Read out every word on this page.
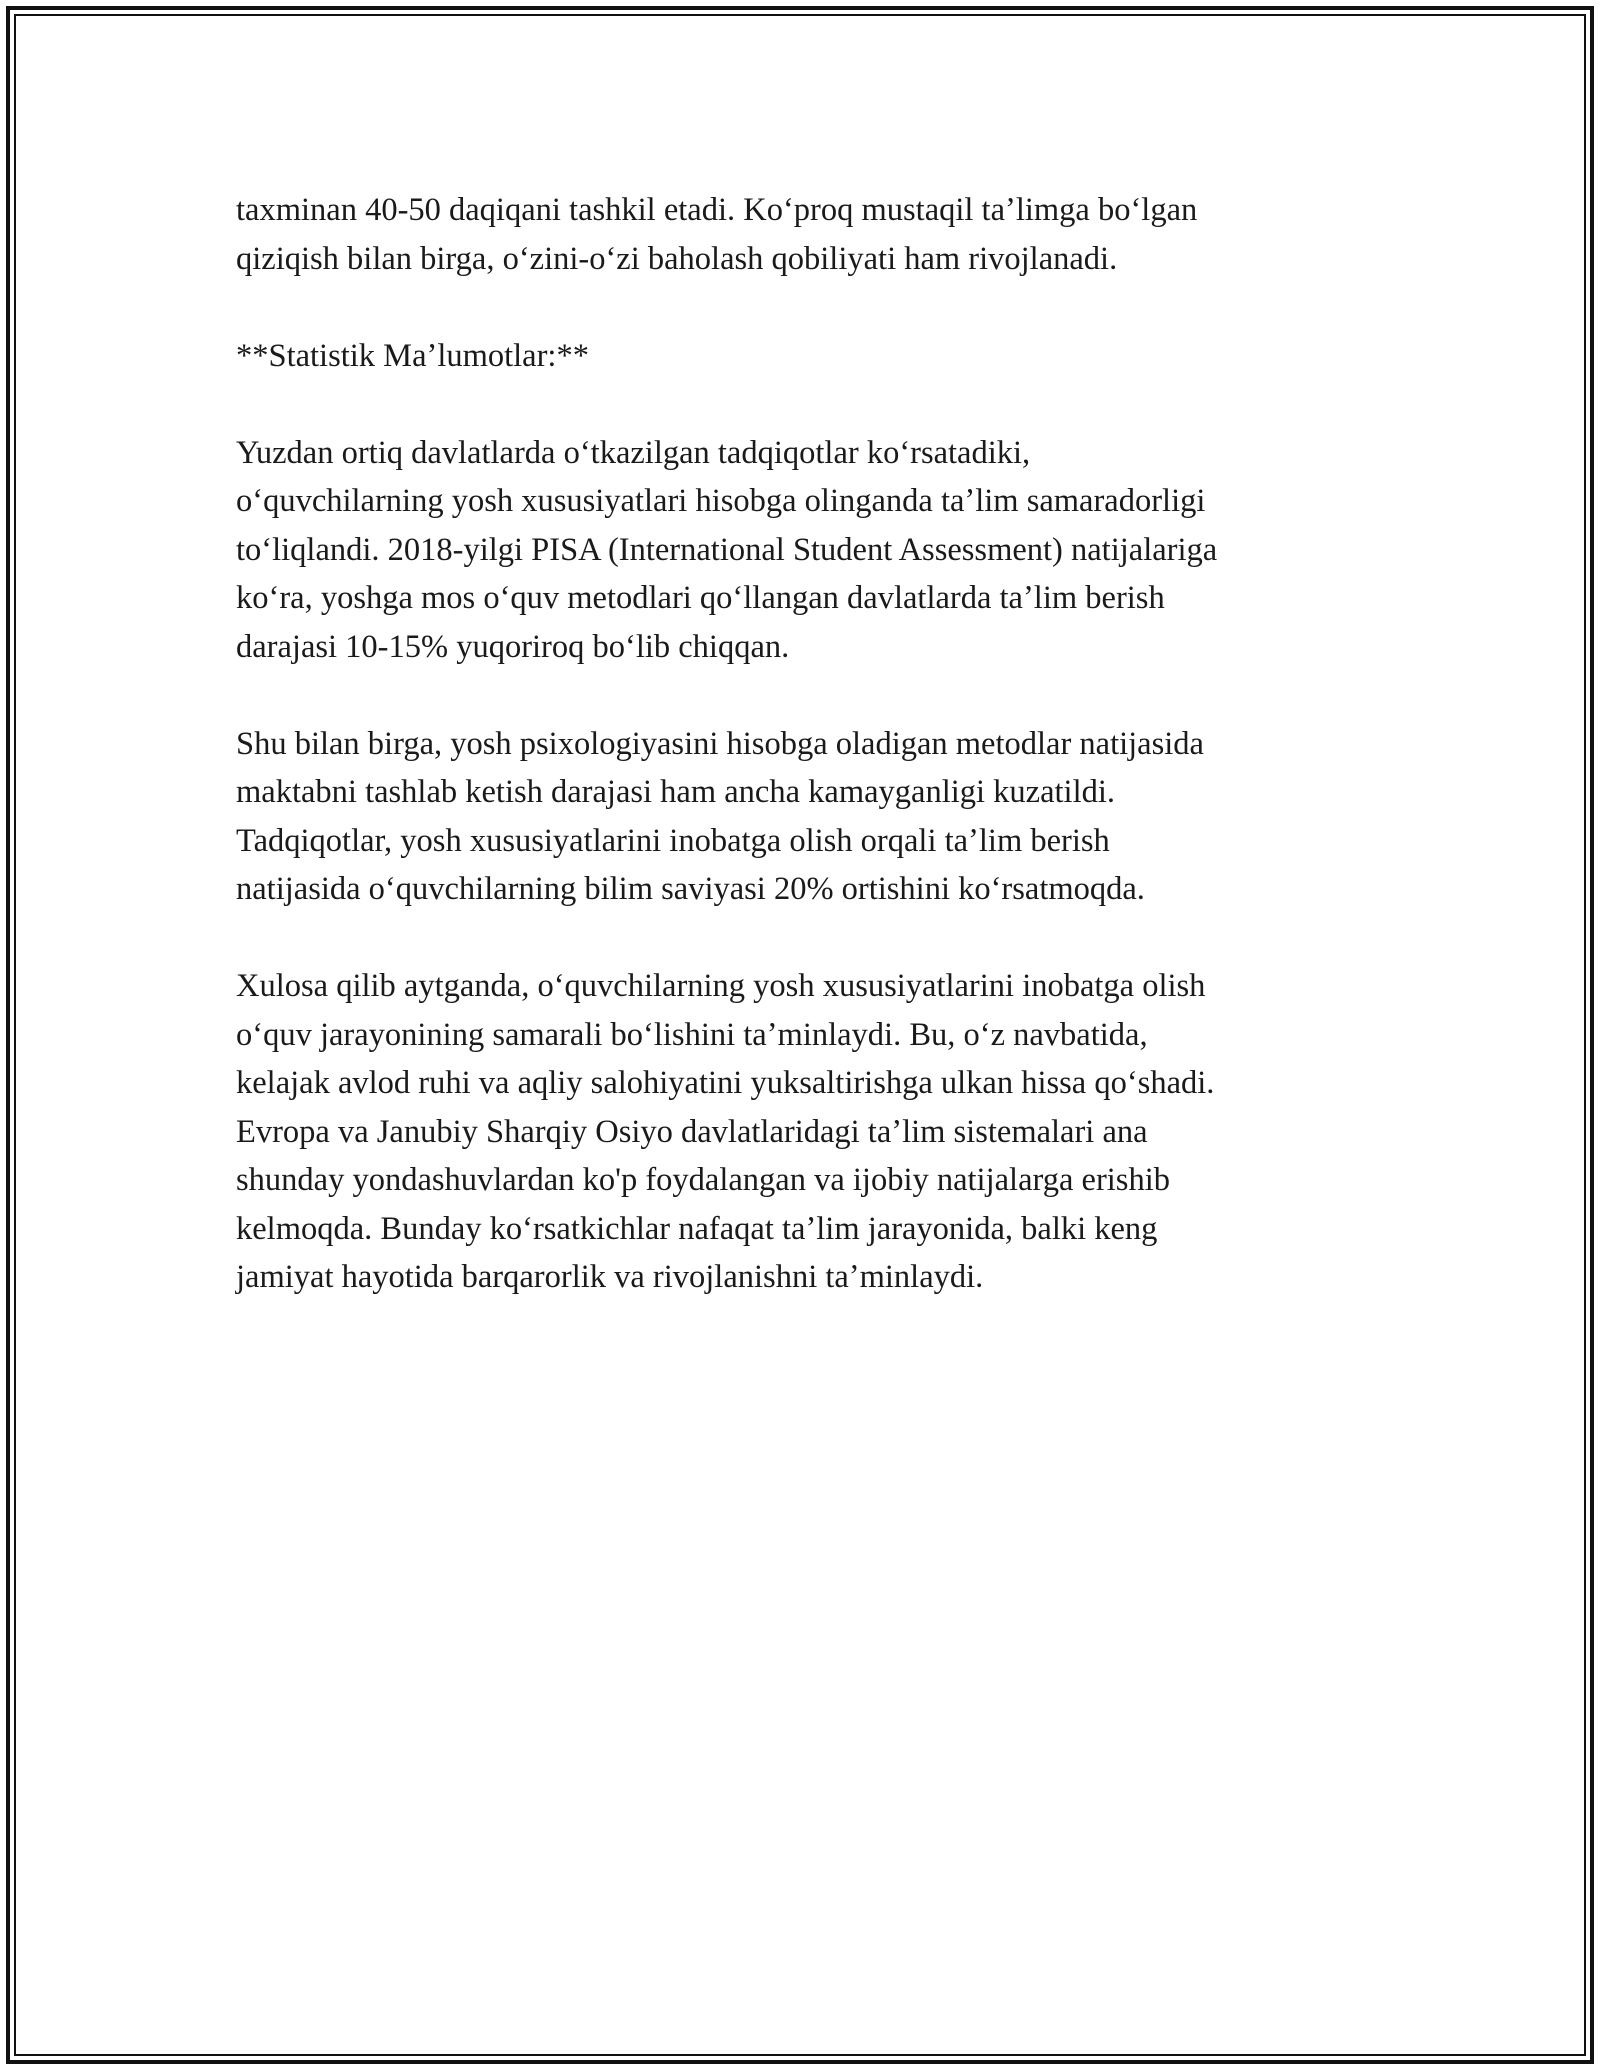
taxminan 40-50 daqiqani tashkil etadi. Koʻproq mustaqil taʼlimga boʻlgan
qiziqish bilan birga, oʻzini-oʻzi baholash qobiliyati ham rivojlanadi.

**Statistik Maʼlumotlar:**

Yuzdan ortiq davlatlarda oʻtkazilgan tadqiqotlar koʻrsatadiki,
oʻquvchilarning yosh xususiyatlari hisobga olinganda taʼlim samaradorligi
toʻliqlandi. 2018-yilgi PISA (International Student Assessment) natijalariga
koʻra, yoshga mos oʻquv metodlari qoʻllangan davlatlarda taʼlim berish
darajasi 10-15% yuqoriroq boʻlib chiqqan.

Shu bilan birga, yosh psixologiyasini hisobga oladigan metodlar natijasida
maktabni tashlab ketish darajasi ham ancha kamayganligi kuzatildi.
Tadqiqotlar, yosh xususiyatlarini inobatga olish orqali taʼlim berish
natijasida oʻquvchilarning bilim saviyasi 20% ortishini koʻrsatmoqda.

Xulosa qilib aytganda, oʻquvchilarning yosh xususiyatlarini inobatga olish
oʻquv jarayonining samarali boʻlishini taʼminlaydi. Bu, oʻz navbatida,
kelajak avlod ruhi va aqliy salohiyatini yuksaltirishga ulkan hissa qoʻshadi.
Evropa va Janubiy Sharqiy Osiyo davlatlaridagi taʼlim sistemalari ana
shunday yondashuvlardan ko'p foydalangan va ijobiy natijalarga erishib
kelmoqda. Bunday koʻrsatkichlar nafaqat taʼlim jarayonida, balki keng
jamiyat hayotida barqarorlik va rivojlanishni taʼminlaydi.
